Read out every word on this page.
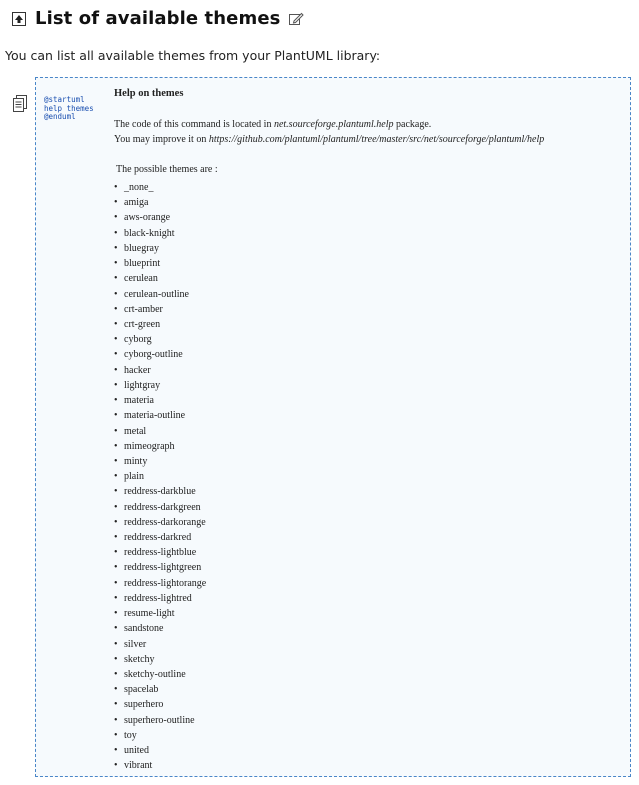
List of available themes
You can list all available themes from your PlantUML library:
@startuml
help themes
@enduml
Help on themes
The code of this command is located in net.sourceforge.plantuml.help package.
You may improve it on https://github.com/plantuml/plantuml/tree/master/src/net/sourceforge/plantuml/help
The possible themes are :
• _none_
• amiga
• aws-orange
• black-knight
• bluegray
• blueprint
• cerulean
• cerulean-outline
• crt-amber
• crt-green
• cyborg
• cyborg-outline
• hacker
• lightgray
• materia
• materia-outline
• metal
• mimeograph
• minty
• plain
• reddress-darkblue
• reddress-darkgreen
• reddress-darkorange
• reddress-darkred
• reddress-lightblue
• reddress-lightgreen
• reddress-lightorange
• reddress-lightred
• resume-light
• sandstone
• silver
• sketchy
• sketchy-outline
• spacelab
• superhero
• superhero-outline
• toy
• united
• vibrant
